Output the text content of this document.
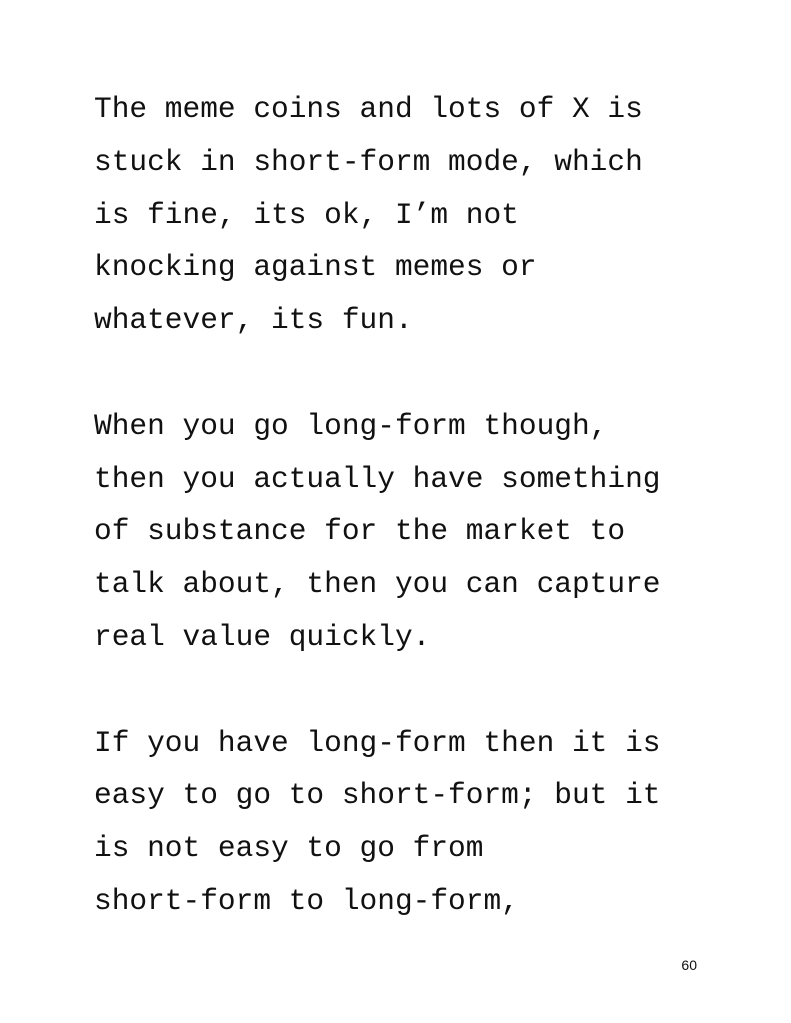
The meme coins and lots of X is
stuck in short-form mode, which
is fine, its ok, I’m not
knocking against memes or
whatever, its fun.

When you go long-form though,
then you actually have something
of substance for the market to
talk about, then you can capture
real value quickly.

If you have long-form then it is
easy to go to short-form; but it
is not easy to go from
short-form to long-form,

60
